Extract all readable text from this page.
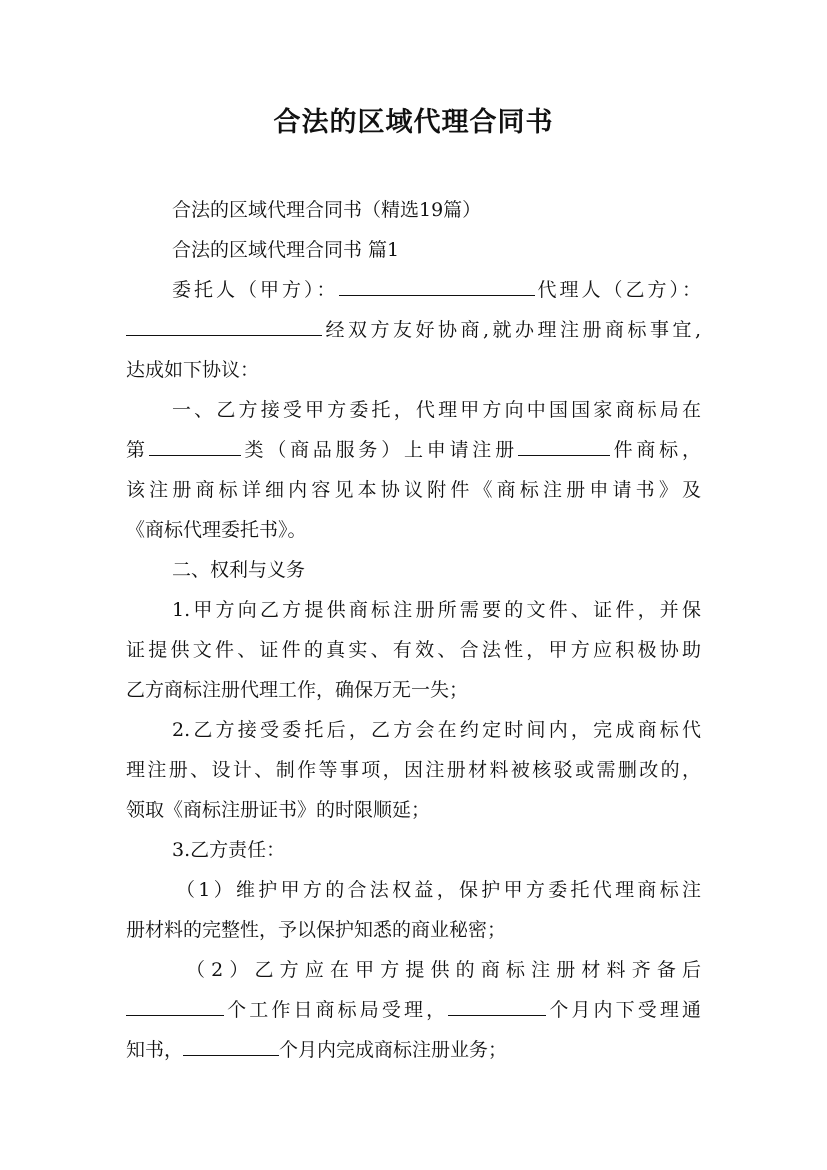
合法的区域代理合同书
合法的区域代理合同书（精选19篇）
合法的区域代理合同书 篇1
委托人（甲方）：	代理人（乙方）：
经双方友好协商,就办理注册商标事宜,
达成如下协议：
一、乙方接受甲方委托，代理甲方向中国国家商标局在
第	类（商品服务）上申请注册	件商标，
该注册商标详细内容见本协议附件《商标注册申请书》及
《商标代理委托书》。
二、权利与义务
1.甲方向乙方提供商标注册所需要的文件、证件，并保
证提供文件、证件的真实、有效、合法性，甲方应积极协助
乙方商标注册代理工作，确保万无一失；
2.乙方接受委托后，乙方会在约定时间内，完成商标代
理注册、设计、制作等事项，因注册材料被核驳或需删改的，
领取《商标注册证书》的时限顺延；
3.乙方责任：
（1）维护甲方的合法权益，保护甲方委托代理商标注
册材料的完整性，予以保护知悉的商业秘密；
（2）乙方应在甲方提供的商标注册材料齐备后
个工作日商标局受理，	个月内下受理通
知书，	个月内完成商标注册业务；
